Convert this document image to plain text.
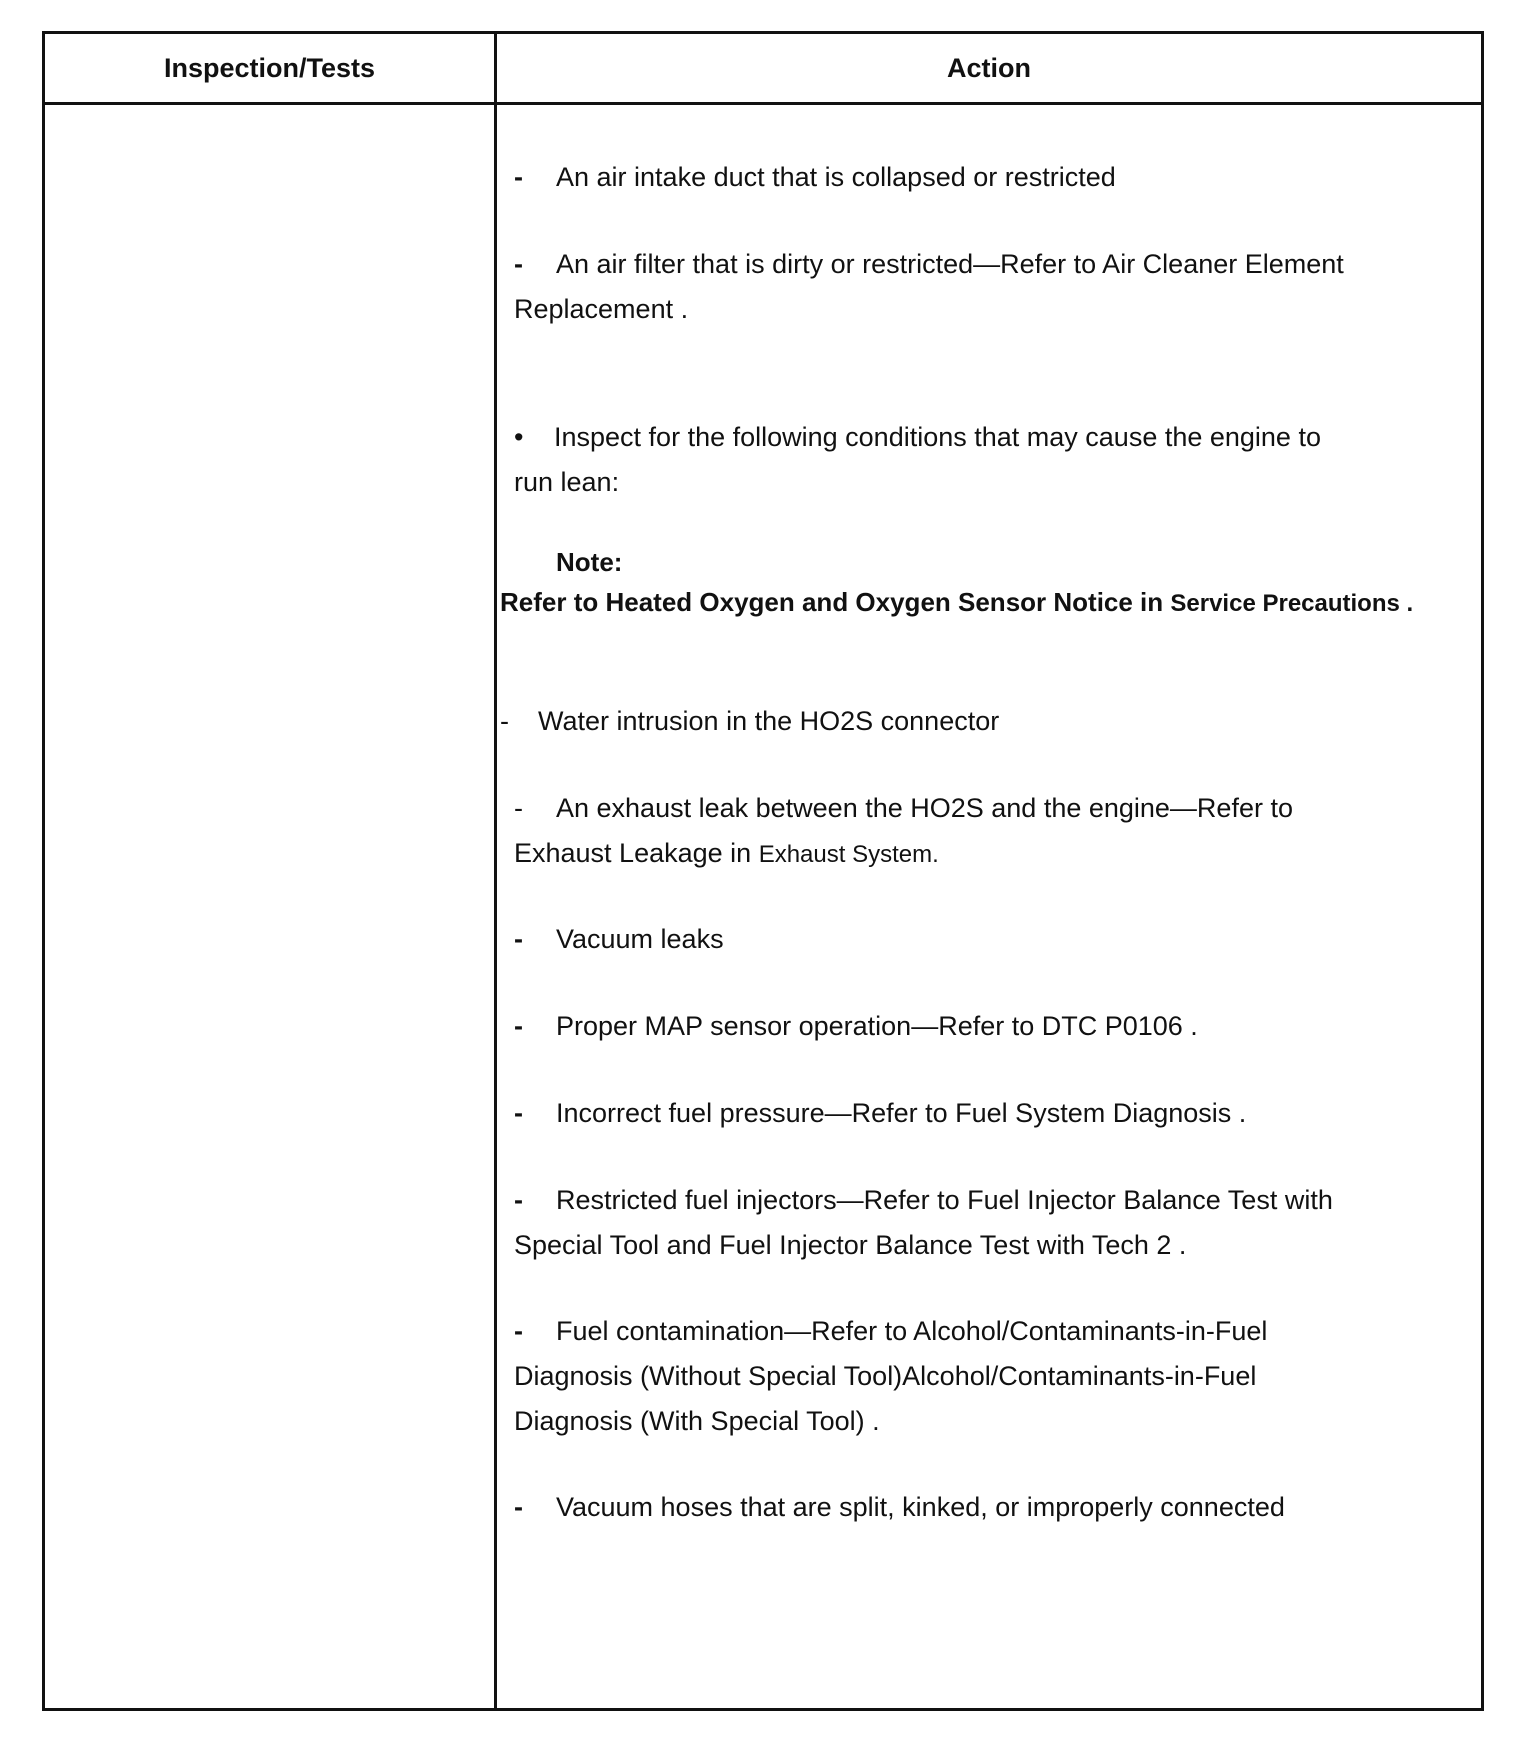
Inspection/Tests	Action
- An air intake duct that is collapsed or restricted
- An air filter that is dirty or restricted—Refer to Air Cleaner Element
Replacement .
• Inspect for the following conditions that may cause the engine to
run lean:
Note:
Refer to Heated Oxygen and Oxygen Sensor Notice in Service Precautions .
- Water intrusion in the HO2S connector
- An exhaust leak between the HO2S and the engine—Refer to
Exhaust Leakage in Exhaust System.
- Vacuum leaks
- Proper MAP sensor operation—Refer to DTC P0106 .
- Incorrect fuel pressure—Refer to Fuel System Diagnosis .
- Restricted fuel injectors—Refer to Fuel Injector Balance Test with
Special Tool and Fuel Injector Balance Test with Tech 2 .
- Fuel contamination—Refer to Alcohol/Contaminants-in-Fuel
Diagnosis (Without Special Tool)Alcohol/Contaminants-in-Fuel
Diagnosis (With Special Tool) .
- Vacuum hoses that are split, kinked, or improperly connected
